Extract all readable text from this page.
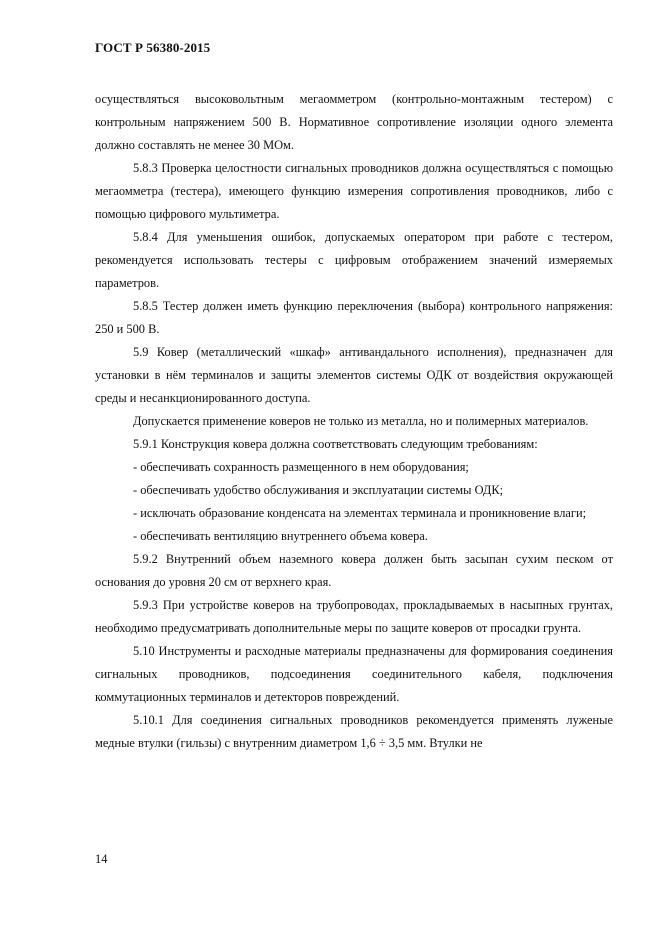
ГОСТ Р 56380-2015

осуществляться высоковольтным мегаомметром (контрольно-монтажным тестером) с контрольным напряжением 500 В. Нормативное сопротивление изоляции одного элемента должно составлять не менее 30 МОм.

5.8.3 Проверка целостности сигнальных проводников должна осуществляться с помощью мегаомметра (тестера), имеющего функцию измерения сопротивления проводников, либо с помощью цифрового мультиметра.

5.8.4 Для уменьшения ошибок, допускаемых оператором при работе с тестером, рекомендуется использовать тестеры с цифровым отображением значений измеряемых параметров.

5.8.5 Тестер должен иметь функцию переключения (выбора) контрольного напряжения: 250 и 500 В.

5.9 Ковер (металлический «шкаф» антивандального исполнения), предназначен для установки в нём терминалов и защиты элементов системы ОДК от воздействия окружающей среды и несанкционированного доступа.

Допускается применение коверов не только из металла, но и полимерных материалов.

5.9.1 Конструкция ковера должна соответствовать следующим требованиям:

- обеспечивать сохранность размещенного в нем оборудования;

- обеспечивать удобство обслуживания и эксплуатации системы ОДК;

- исключать образование конденсата на элементах терминала и проникновение влаги;

- обеспечивать вентиляцию внутреннего объема ковера.

5.9.2 Внутренний объем наземного ковера должен быть засыпан сухим песком от основания до уровня 20 см от верхнего края.

5.9.3 При устройстве коверов на трубопроводах, прокладываемых в насыпных грунтах, необходимо предусматривать дополнительные меры по защите коверов от просадки грунта.

5.10 Инструменты и расходные материалы предназначены для формирования соединения сигнальных проводников, подсоединения соединительного кабеля, подключения коммутационных терминалов и детекторов повреждений.

5.10.1 Для соединения сигнальных проводников рекомендуется применять луженые медные втулки (гильзы) с внутренним диаметром 1,6 ÷ 3,5 мм. Втулки не

14
